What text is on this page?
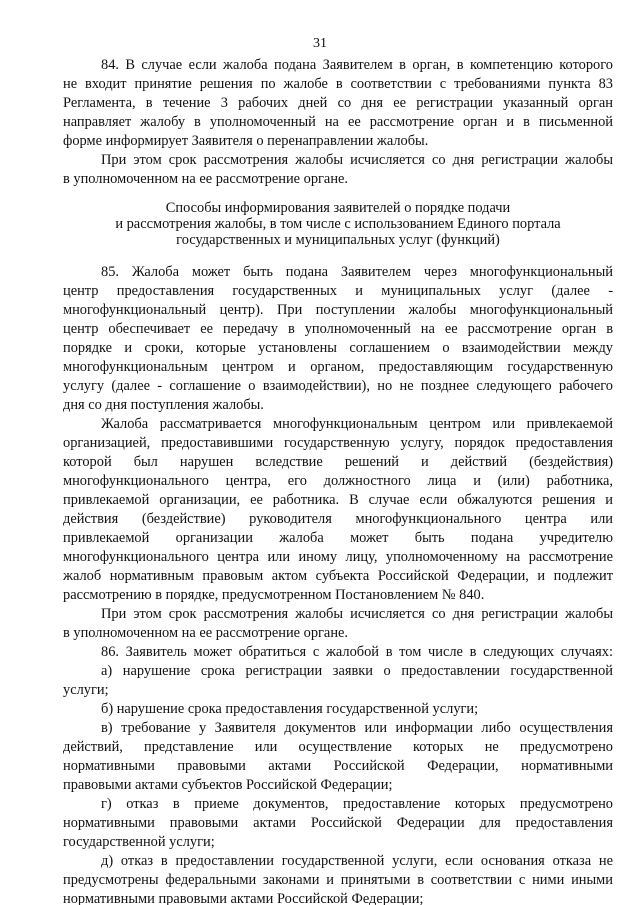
31
84. В случае если жалоба подана Заявителем в орган, в компетенцию которого
не входит принятие решения по жалобе в соответствии с требованиями пункта 83
Регламента, в течение 3 рабочих дней со дня ее регистрации указанный орган
направляет жалобу в уполномоченный на ее рассмотрение орган и в письменной
форме информирует Заявителя о перенаправлении жалобы.
При этом срок рассмотрения жалобы исчисляется со дня регистрации жалобы
в уполномоченном на ее рассмотрение органе.
Способы информирования заявителей о порядке подачи
и рассмотрения жалобы, в том числе с использованием Единого портала
государственных и муниципальных услуг (функций)
85. Жалоба может быть подана Заявителем через многофункциональный
центр предоставления государственных и муниципальных услуг (далее -
многофункциональный центр). При поступлении жалобы многофункциональный
центр обеспечивает ее передачу в уполномоченный на ее рассмотрение орган в
порядке и сроки, которые установлены соглашением о взаимодействии между
многофункциональным центром и органом, предоставляющим государственную
услугу (далее - соглашение о взаимодействии), но не позднее следующего рабочего
дня со дня поступления жалобы.
Жалоба рассматривается многофункциональным центром или привлекаемой
организацией, предоставившими государственную услугу, порядок предоставления
которой был нарушен вследствие решений и действий (бездействия)
многофункционального центра, его должностного лица и (или) работника,
привлекаемой организации, ее работника. В случае если обжалуются решения и
действия (бездействие) руководителя многофункционального центра или
привлекаемой организации жалоба может быть подана учредителю
многофункционального центра или иному лицу, уполномоченному на рассмотрение
жалоб нормативным правовым актом субъекта Российской Федерации, и подлежит
рассмотрению в порядке, предусмотренном Постановлением № 840.
При этом срок рассмотрения жалобы исчисляется со дня регистрации жалобы
в уполномоченном на ее рассмотрение органе.
86. Заявитель может обратиться с жалобой в том числе в следующих случаях:
а) нарушение срока регистрации заявки о предоставлении государственной
услуги;
б) нарушение срока предоставления государственной услуги;
в) требование у Заявителя документов или информации либо осуществления
действий, представление или осуществление которых не предусмотрено
нормативными правовыми актами Российской Федерации, нормативными
правовыми актами субъектов Российской Федерации;
г) отказ в приеме документов, предоставление которых предусмотрено
нормативными правовыми актами Российской Федерации для предоставления
государственной услуги;
д) отказ в предоставлении государственной услуги, если основания отказа не
предусмотрены федеральными законами и принятыми в соответствии с ними иными
нормативными правовыми актами Российской Федерации;
